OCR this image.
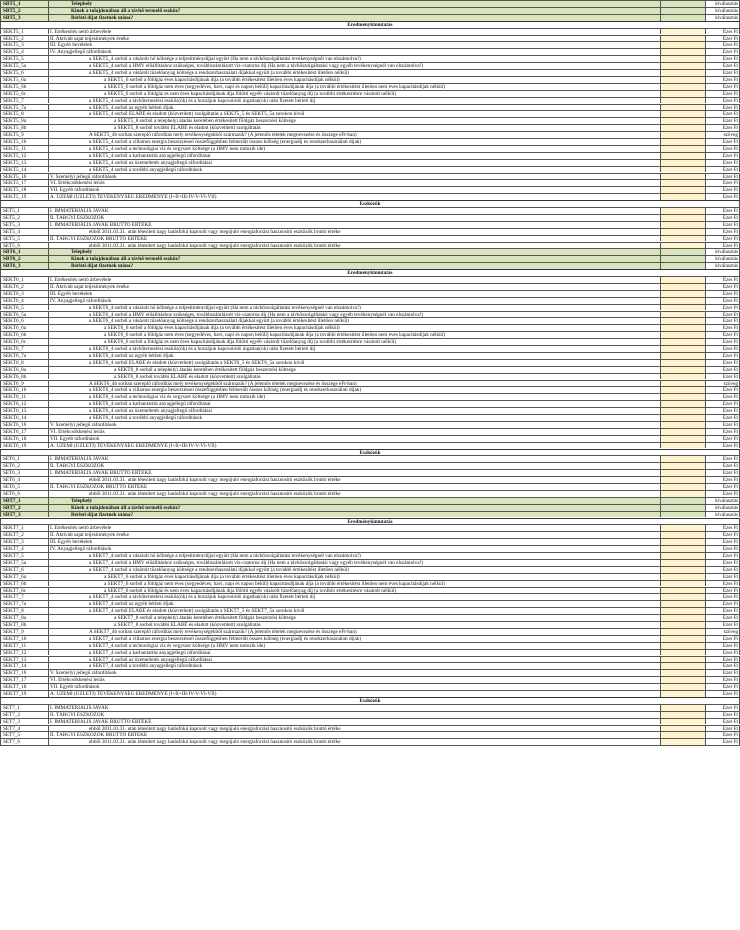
SBT5_1	Telephely	kiválasztás
SBT5_2	Kinek a tulajdonában áll a távhő termelő eszköz?	kiválasztás
SBT5_3	Bérleti díjat fizetnek utána?	kiválasztás
Eredménykimutatás
SEKT5_1	I. Értékesítés nettó árbevétele	Ezer Ft
SEKT5_2	II. Aktivált saját teljesítmények értéke	Ezer Ft
SEKT5_3	III. Egyéb bevételek	Ezer Ft
SEKT5_4	IV. Anyagjellegű ráfordítások	Ezer Ft
SEKT5_5	a SEKT5_4 sorból a vásárolt hő költsége a teljesítménydíjjal együtt (Ha nem a távhőszolgáltatási tevékenységnél van elszámolva!)	Ezer Ft
SEKT5_5a	a SEKT5_4 sorból a HMV előállításhoz szükséges, továbbszámlázott víz-csatorna díj (Ha nem a távhőszolgáltatási vagy egyéb tevékenységnél van elszámolva!)	Ezer Ft
SEKT5_6	a SEKT5_4 sorból a vásárolt tüzelőanyag költsége a rendszerhasználati díjakkal együtt (a további értékesítést illetően nélkül)	Ezer Ft
SEKT5_6a	a SEKT5_6 sorból a földgáz éves kapacitásdíjának díja (a további értékesítést illetően éves kapacitásdíjak nélkül)	Ezer Ft
SEKT5_6b	a SEKT5_6 sorból a földgáz nem éves (negyedéves, havi, napi és napon belüli) kapacitásdíjának díja (a további értékesítést illetően nem éves kapacitásdíjak nélkül)	Ezer Ft
SEKT5_6c	a SEKT5_6 sorból a földgáz és nem éves kapacitásdíjának díja fölötti egyéb vásárolt tüzelőanyag díj (a további értékesítésre vásárolt nélkül)	Ezer Ft
SEKT5_7	a SEKT5_4 sorból a távhőtermelési eszköz(ök) és a hozzájuk kapcsolódó ingatlan(ok) után fizetett bérleti díj	Ezer Ft
SEKT5_7a	a SEKT5_4 sorból az egyéb bérleti díjak	Ezer Ft
SEKT5_8	a SEKT5_4 sorból ELÁBÉ és eladott (közvetített) szolgáltatás a SEKT5_5 és SEKT5_5a sorokon kívül	Ezer Ft
SEKT5_8a	a SEKT5_8 sorból a telephelyi átadás keretében értékesített földgáz beszerzési költsége	Ezer Ft
SEKT5_8b	a SEKT5_8 sorból további ELÁBÉ és eladott (közvetített) szolgáltatás	Ezer Ft
SEKT5_9	A SEKT5_4b sorban szereplő ráfordítás mely tevékenységekből származik? (A jelentős tételek megnevezése és összege eFt-ban)	szöveg
SEKT5_10	a SEKT5_4 sorból a villamos energia beszerzéssel összefüggésben felmerült összes költség (energiadíj és rendszerhasználati díjak)	Ezer Ft
SEKT5_11	a SEKT5_4 sorból a technológiai víz és vegyszer költsége (a HMV nem tartozik ide)	Ezer Ft
SEKT5_12	a SEKT5_4 sorból a karbantartás anyagjellegű ráfordításai	Ezer Ft
SEKT5_13	a SEKT5_4 sorból az üzemeltetés anyagjellegű ráfordításai	Ezer Ft
SEKT5_14	a SEKT5_4 sorból a további anyagjellegű ráfordítások	Ezer Ft
SEKT5_16	V. Személyi jellegű ráfordítások	Ezer Ft
SEKT5_17	VI. Értékcsökkenési leírás	Ezer Ft
SEKT5_18	VII. Egyéb ráfordítások	Ezer Ft
SEKT5_19	A. ÜZEMI (ÜZLETI) TEVÉKENYSÉG EREDMÉNYE (I+II+III-IV-V-VI-VII)	Ezer Ft
Eszközök
SET5_1	I. IMMATERIÁLIS JAVAK	Ezer Ft
SET5_2	II. TÁRGYI ESZKÖZÖK	Ezer Ft
SET5_3	I. IMMATERIÁLIS JAVAK BRUTTÓ ÉRTÉKE	Ezer Ft
SET5_4	ebből 2011.03.31. után létesített nagy hatásfokú kapcsolt vagy megújuló energiaforrást hasznosító eszközök bruttó értéke	Ezer Ft
SET5_5	II. TÁRGYI ESZKÖZÖK BRUTTÓ ÉRTÉKE	Ezer Ft
SET5_6	ebből 2011.03.31. után létesített nagy hatásfokú kapcsolt vagy megújuló energiaforrást hasznosító eszközök bruttó értéke	Ezer Ft
SBT6_1	Telephely	kiválasztás
SBT6_2	Kinek a tulajdonában áll a távhő termelő eszköz?	kiválasztás
SBT6_3	Bérleti díjat fizetnek utána?	kiválasztás
Eredménykimutatás
SEKT6_1	I. Értékesítés nettó árbevétele	Ezer Ft
SEKT6_2	II. Aktivált saját teljesítmények értéke	Ezer Ft
SEKT6_3	III. Egyéb bevételek	Ezer Ft
SEKT6_4	IV. Anyagjellegű ráfordítások	Ezer Ft
SEKT6_5	a SEKT6_4 sorból a vásárolt hő költsége a teljesítménydíjjal együtt (Ha nem a távhőszolgáltatási tevékenységnél van elszámolva!)	Ezer Ft
SEKT6_5a	a SEKT6_4 sorból a HMV előállításhoz szükséges, továbbszámlázott víz-csatorna díj (Ha nem a távhőszolgáltatási vagy egyéb tevékenységnél van elszámolva!)	Ezer Ft
SEKT6_6	a SEKT6_4 sorból a vásárolt tüzelőanyag költsége a rendszerhasználati díjakkal együtt (a további értékesítést illetően nélkül)	Ezer Ft
SEKT6_6a	a SEKT6_6 sorból a földgáz éves kapacitásdíjának díja (a további értékesítést illetően éves kapacitásdíjak nélkül)	Ezer Ft
SEKT6_6b	a SEKT6_6 sorból a földgáz nem éves (negyedéves, havi, napi és napon belüli) kapacitásdíjának díja (a további értékesítést illetően nem éves kapacitásdíjak nélkül)	Ezer Ft
SEKT6_6c	a SEKT6_6 sorból a földgáz és nem éves kapacitásdíjának díja fölötti egyéb vásárolt tüzelőanyag díj (a további értékesítésre vásárolt nélkül)	Ezer Ft
SEKT6_7	a SEKT6_4 sorból a távhőtermelési eszköz(ök) és a hozzájuk kapcsolódó ingatlan(ok) után fizetett bérleti díj	Ezer Ft
SEKT6_7a	a SEKT6_4 sorból az egyéb bérleti díjak	Ezer Ft
SEKT6_8	a SEKT6_4 sorból ELÁBÉ és eladott (közvetített) szolgáltatás a SEKT6_5 és SEKT6_5a sorokon kívül	Ezer Ft
SEKT6_8a	a SEKT6_8 sorból a telephelyi átadás keretében értékesített földgáz beszerzési költsége	Ezer Ft
SEKT6_8b	a SEKT6_8 sorból további ELÁBÉ és eladott (közvetített) szolgáltatás	Ezer Ft
SEKT6_9	A SEKT6_4b sorban szereplő ráfordítás mely tevékenységekből származik? (A jelentős tételek megnevezése és összege eFt-ban)	szöveg
SEKT6_10	a SEKT6_4 sorból a villamos energia beszerzéssel összefüggésben felmerült összes költség (energiadíj és rendszerhasználati díjak)	Ezer Ft
SEKT6_11	a SEKT6_4 sorból a technológiai víz és vegyszer költsége (a HMV nem tartozik ide)	Ezer Ft
SEKT6_12	a SEKT6_4 sorból a karbantartás anyagjellegű ráfordításai	Ezer Ft
SEKT6_13	a SEKT6_4 sorból az üzemeltetés anyagjellegű ráfordításai	Ezer Ft
SEKT6_14	a SEKT6_4 sorból a további anyagjellegű ráfordítások	Ezer Ft
SEKT6_16	V. Személyi jellegű ráfordítások	Ezer Ft
SEKT6_17	VI. Értékcsökkenési leírás	Ezer Ft
SEKT6_18	VII. Egyéb ráfordítások	Ezer Ft
SEKT6_19	A. ÜZEMI (ÜZLETI) TEVÉKENYSÉG EREDMÉNYE (I+II+III-IV-V-VI-VII)	Ezer Ft
Eszközök
SET6_1	I. IMMATERIÁLIS JAVAK	Ezer Ft
SET6_2	II. TÁRGYI ESZKÖZÖK	Ezer Ft
SET6_3	I. IMMATERIÁLIS JAVAK BRUTTÓ ÉRTÉKE	Ezer Ft
SET6_4	ebből 2011.03.31. után létesített nagy hatásfokú kapcsolt vagy megújuló energiaforrást hasznosító eszközök bruttó értéke	Ezer Ft
SET6_5	II. TÁRGYI ESZKÖZÖK BRUTTÓ ÉRTÉKE	Ezer Ft
SET6_6	ebből 2011.03.31. után létesített nagy hatásfokú kapcsolt vagy megújuló energiaforrást hasznosító eszközök bruttó értéke	Ezer Ft
SBT7_1	Telephely	kiválasztás
SBT7_2	Kinek a tulajdonában áll a távhő termelő eszköz?	kiválasztás
SBT7_3	Bérleti díjat fizetnek utána?	kiválasztás
Eredménykimutatás
SEKT7_1	I. Értékesítés nettó árbevétele	Ezer Ft
SEKT7_2	II. Aktivált saját teljesítmények értéke	Ezer Ft
SEKT7_3	III. Egyéb bevételek	Ezer Ft
SEKT7_4	IV. Anyagjellegű ráfordítások	Ezer Ft
SEKT7_5	a SEKT7_4 sorból a vásárolt hő költsége a teljesítménydíjjal együtt (Ha nem a távhőszolgáltatási tevékenységnél van elszámolva!)	Ezer Ft
SEKT7_5a	a SEKT7_4 sorból a HMV előállításhoz szükséges, továbbszámlázott víz-csatorna díj (Ha nem a távhőszolgáltatási vagy egyéb tevékenységnél van elszámolva!)	Ezer Ft
SEKT7_6	a SEKT7_4 sorból a vásárolt tüzelőanyag költsége a rendszerhasználati díjakkal együtt (a további értékesítést illetően nélkül)	Ezer Ft
SEKT7_6a	a SEKT7_6 sorból a földgáz éves kapacitásdíjának díja (a további értékesítést illetően éves kapacitásdíjak nélkül)	Ezer Ft
SEKT7_6b	a SEKT7_6 sorból a földgáz nem éves (negyedéves, havi, napi és napon belüli) kapacitásdíjának díja (a további értékesítést illetően nem éves kapacitásdíjak nélkül)	Ezer Ft
SEKT7_6c	a SEKT7_6 sorból a földgáz és nem éves kapacitásdíjának díja fölötti egyéb vásárolt tüzelőanyag díj (a további értékesítésre vásárolt nélkül)	Ezer Ft
SEKT7_7	a SEKT7_4 sorból a távhőtermelési eszköz(ök) és a hozzájuk kapcsolódó ingatlan(ok) után fizetett bérleti díj	Ezer Ft
SEKT7_7a	a SEKT7_4 sorból az egyéb bérleti díjak	Ezer Ft
SEKT7_8	a SEKT7_4 sorból ELÁBÉ és eladott (közvetített) szolgáltatás a SEKT7_5 és SEKT7_5a sorokon kívül	Ezer Ft
SEKT7_8a	a SEKT7_8 sorból a telephelyi átadás keretében értékesített földgáz beszerzési költsége	Ezer Ft
SEKT7_8b	a SEKT7_8 sorból további ELÁBÉ és eladott (közvetített) szolgáltatás	Ezer Ft
SEKT7_9	A SEKT7_4b sorban szereplő ráfordítás mely tevékenységekből származik? (A jelentős tételek megnevezése és összege eFt-ban)	szöveg
SEKT7_10	a SEKT7_4 sorból a villamos energia beszerzéssel összefüggésben felmerült összes költség (energiadíj és rendszerhasználati díjak)	Ezer Ft
SEKT7_11	a SEKT7_4 sorból a technológiai víz és vegyszer költsége (a HMV nem tartozik ide)	Ezer Ft
SEKT7_12	a SEKT7_4 sorból a karbantartás anyagjellegű ráfordításai	Ezer Ft
SEKT7_13	a SEKT7_4 sorból az üzemeltetés anyagjellegű ráfordításai	Ezer Ft
SEKT7_14	a SEKT7_4 sorból a további anyagjellegű ráfordítások	Ezer Ft
SEKT7_16	V. Személyi jellegű ráfordítások	Ezer Ft
SEKT7_17	VI. Értékcsökkenési leírás	Ezer Ft
SEKT7_18	VII. Egyéb ráfordítások	Ezer Ft
SEKT7_19	A. ÜZEMI (ÜZLETI) TEVÉKENYSÉG EREDMÉNYE (I+II+III-IV-V-VI-VII)	Ezer Ft
Eszközök
SET7_1	I. IMMATERIÁLIS JAVAK	Ezer Ft
SET7_2	II. TÁRGYI ESZKÖZÖK	Ezer Ft
SET7_3	I. IMMATERIÁLIS JAVAK BRUTTÓ ÉRTÉKE	Ezer Ft
SET7_4	ebből 2011.03.31. után létesített nagy hatásfokú kapcsolt vagy megújuló energiaforrást hasznosító eszközök bruttó értéke	Ezer Ft
SET7_5	II. TÁRGYI ESZKÖZÖK BRUTTÓ ÉRTÉKE	Ezer Ft
SET7_6	ebből 2011.03.31. után létesített nagy hatásfokú kapcsolt vagy megújuló energiaforrást hasznosító eszközök bruttó értéke	Ezer Ft
